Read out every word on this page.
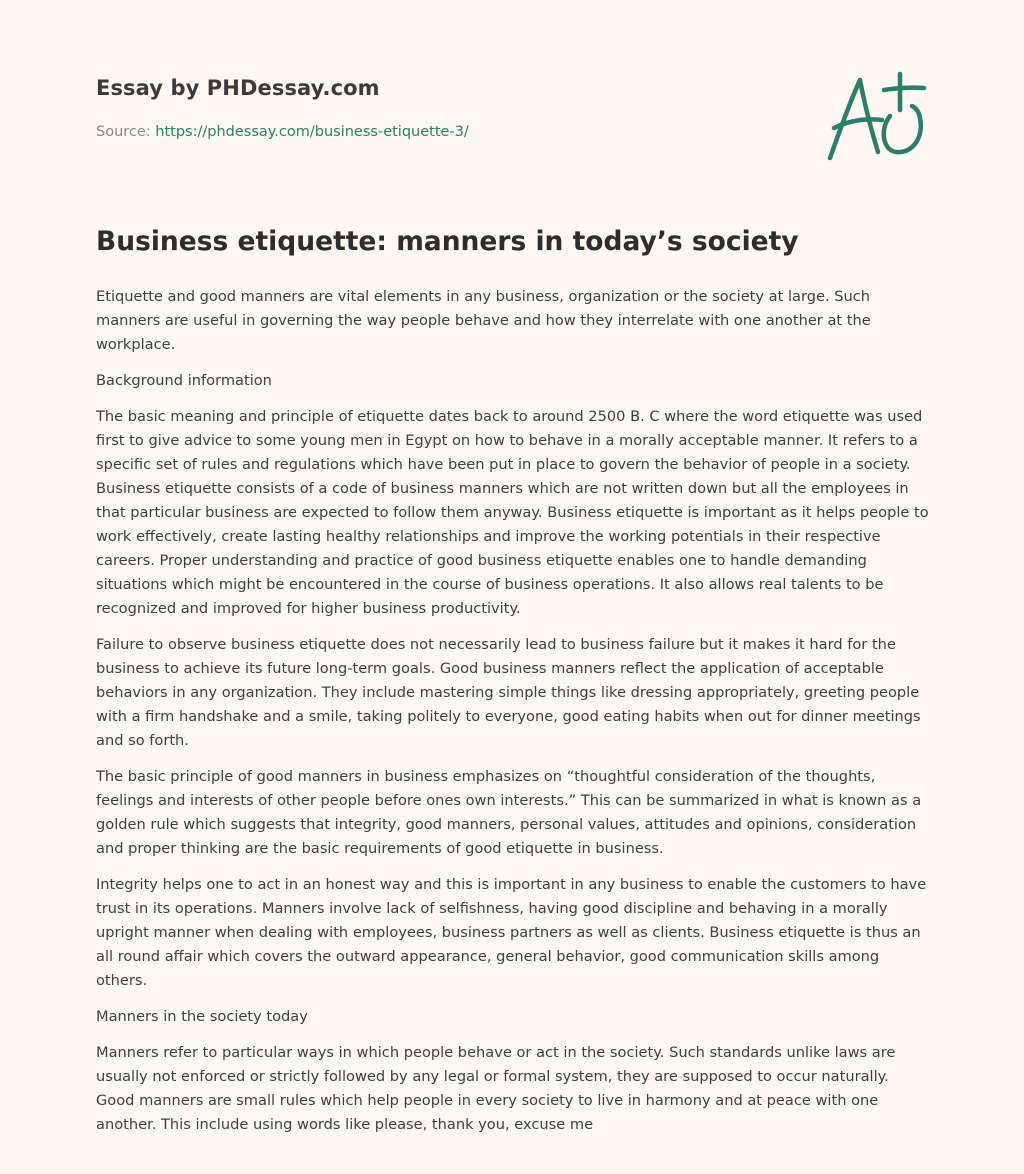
Essay by PHDessay.com
Source: https://phdessay.com/business-etiquette-3/
Business etiquette: manners in today’s society

Etiquette and good manners are vital elements in any business, organization or the society at large. Such manners are useful in governing the way people behave and how they interrelate with one another at the workplace.

Background information

The basic meaning and principle of etiquette dates back to around 2500 B. C where the word etiquette was used first to give advice to some young men in Egypt on how to behave in a morally acceptable manner. It refers to a specific set of rules and regulations which have been put in place to govern the behavior of people in a society. Business etiquette consists of a code of business manners which are not written down but all the employees in that particular business are expected to follow them anyway. Business etiquette is important as it helps people to work effectively, create lasting healthy relationships and improve the working potentials in their respective careers. Proper understanding and practice of good business etiquette enables one to handle demanding situations which might be encountered in the course of business operations. It also allows real talents to be recognized and improved for higher business productivity.

Failure to observe business etiquette does not necessarily lead to business failure but it makes it hard for the business to achieve its future long-term goals. Good business manners reflect the application of acceptable behaviors in any organization. They include mastering simple things like dressing appropriately, greeting people with a firm handshake and a smile, taking politely to everyone, good eating habits when out for dinner meetings and so forth.

The basic principle of good manners in business emphasizes on “thoughtful consideration of the thoughts, feelings and interests of other people before ones own interests.” This can be summarized in what is known as a golden rule which suggests that integrity, good manners, personal values, attitudes and opinions, consideration and proper thinking are the basic requirements of good etiquette in business.

Integrity helps one to act in an honest way and this is important in any business to enable the customers to have trust in its operations. Manners involve lack of selfishness, having good discipline and behaving in a morally upright manner when dealing with employees, business partners as well as clients. Business etiquette is thus an all round affair which covers the outward appearance, general behavior, good communication skills among others.

Manners in the society today

Manners refer to particular ways in which people behave or act in the society. Such standards unlike laws are usually not enforced or strictly followed by any legal or formal system, they are supposed to occur naturally. Good manners are small rules which help people in every society to live in harmony and at peace with one another. This include using words like please, thank you, excuse me
